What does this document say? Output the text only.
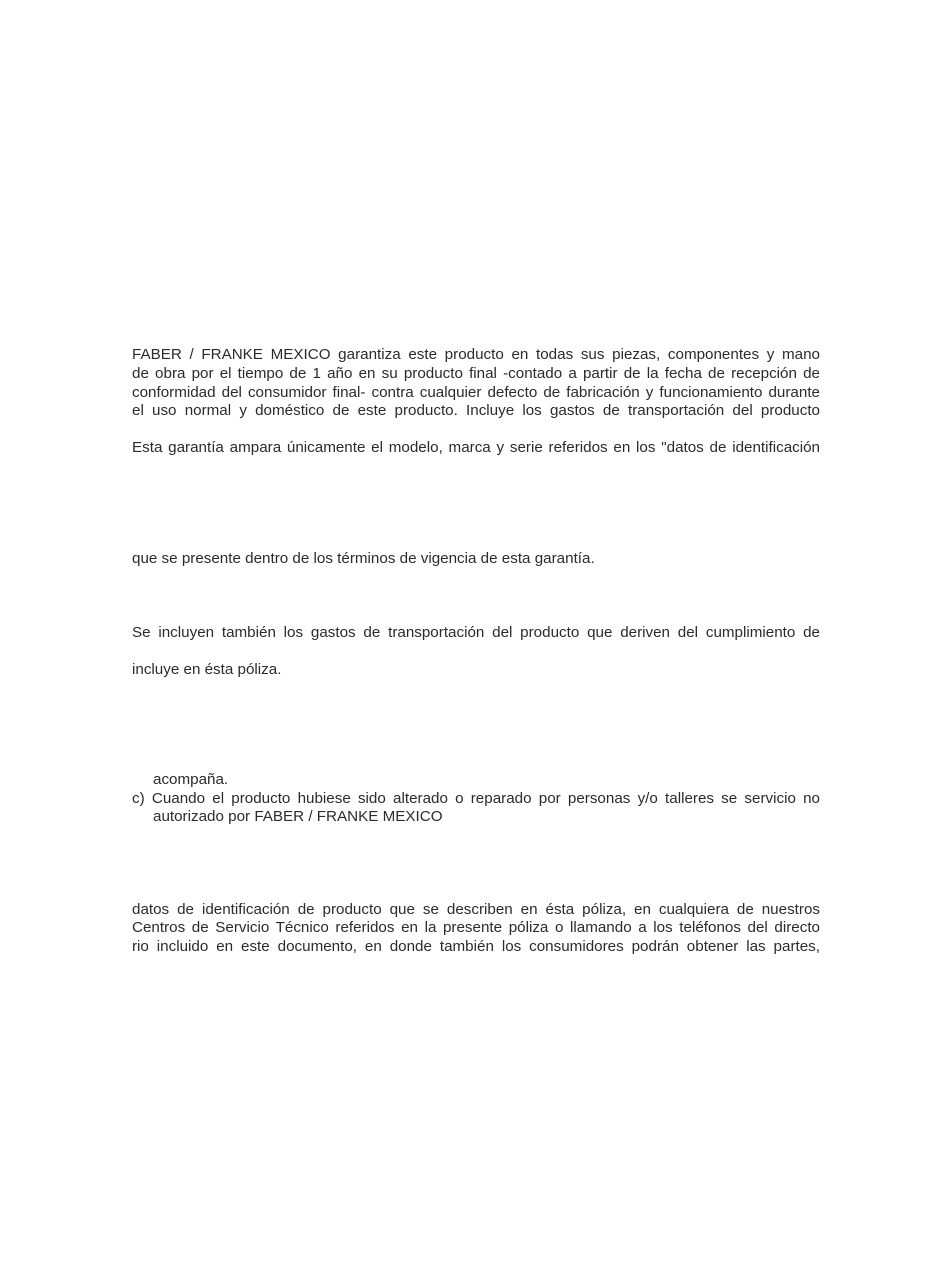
FABER / FRANKE MEXICO garantiza este producto en todas sus piezas, componentes y mano
de obra por el tiempo de 1 año en su producto final -contado a partir de la fecha de recepción de
conformidad del consumidor final- contra cualquier defecto de fabricación y funcionamiento durante
el uso normal y doméstico de este producto. Incluye los gastos de transportación del producto
Esta garantía ampara únicamente el modelo, marca y serie referidos en los "datos de identificación
que se presente dentro de los términos de vigencia de esta garantía.
Se incluyen también los gastos de transportación del producto que deriven del cumplimiento de
incluye en ésta póliza.
acompaña.
c) Cuando el producto hubiese sido alterado o reparado por personas y/o talleres se servicio no
autorizado por FABER / FRANKE MEXICO
datos de identificación de producto que se describen en ésta póliza, en cualquiera de nuestros
Centros de Servicio Técnico referidos en la presente póliza o llamando a los teléfonos del directo
rio incluido en este documento, en donde también los consumidores podrán obtener las partes,
